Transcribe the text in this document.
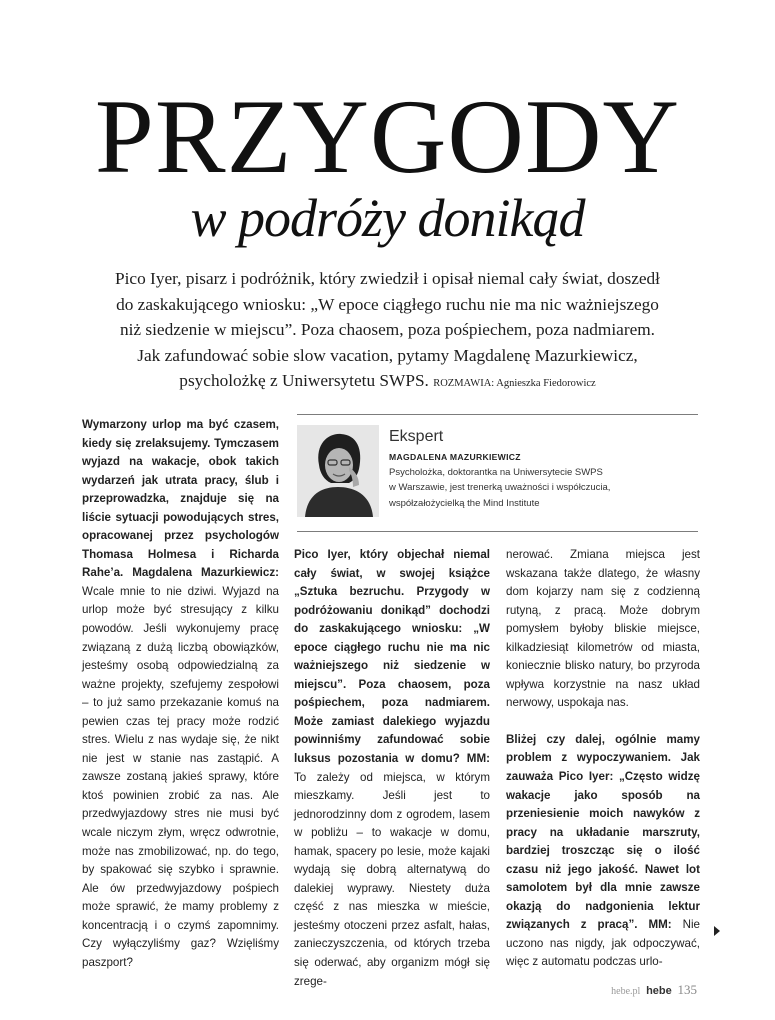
PRZYGODY
w podróży donikąd
Pico Iyer, pisarz i podróżnik, który zwiedził i opisał niemal cały świat, doszedł
do zaskakującego wniosku: „W epoce ciągłego ruchu nie ma nic ważniejszego
niż siedzenie w miejscu”. Poza chaosem, poza pośpiechem, poza nadmiarem.
Jak zafundować sobie slow vacation, pytamy Magdalenę Mazurkiewicz,
psycholożkę z Uniwersytetu SWPS. ROZMAWIA: Agnieszka Fiedorowicz
Ekspert
MAGDALENA MAZURKIEWICZ
Psycholożka, doktorantka na Uniwersytecie SWPS
w Warszawie, jest trenerką uważności i współczucia,
współzałożycielką the Mind Institute

Wymarzony urlop ma być czasem, kiedy się zrelaksujemy. Tymczasem wyjazd na wakacje, obok takich wydarzeń jak utrata pracy, ślub i przeprowadzka, znajduje się na liście sytuacji powodujących stres, opracowanej przez psychologów Thomasa Holmesa i Richarda Rahe’a. Magdalena Mazurkiewicz: Wcale mnie to nie dziwi. Wyjazd na urlop może być stresujący z kilku powodów. Jeśli wykonujemy pracę związaną z dużą liczbą obowiązków, jesteśmy osobą odpowiedzialną za ważne projekty, szefujemy zespołowi – to już samo przekazanie komuś na pewien czas tej pracy może rodzić stres. Wielu z nas wydaje się, że nikt nie jest w stanie nas zastąpić. A zawsze zostaną jakieś sprawy, które ktoś powinien zrobić za nas. Ale przedwyjazdowy stres nie musi być wcale niczym złym, wręcz odwrotnie, może nas zmobilizować, np. do tego, by spakować się szybko i sprawnie. Ale ów przedwyjazdowy pośpiech może sprawić, że mamy problemy z koncentracją i o czymś zapomnimy. Czy wyłączyliśmy gaz? Wzięliśmy paszport?

Pico Iyer, który objechał niemal cały świat, w swojej książce „Sztuka bezruchu. Przygody w podróżowaniu donikąd” dochodzi do zaskakującego wniosku: „W epoce ciągłego ruchu nie ma nic ważniejszego niż siedzenie w miejscu”. Poza chaosem, poza pośpiechem, poza nadmiarem. Może zamiast dalekiego wyjazdu powinniśmy zafundować sobie luksus pozostania w domu? MM: To zależy od miejsca, w którym mieszkamy. Jeśli jest to jednorodzinny dom z ogrodem, lasem w pobliżu – to wakacje w domu, hamak, spacery po lesie, może kajaki wydają się dobrą alternatywą do dalekiej wyprawy. Niestety duża część z nas mieszka w mieście, jesteśmy otoczeni przez asfalt, hałas, zanieczyszczenia, od których trzeba się oderwać, aby organizm mógł się zrege-

nerować. Zmiana miejsca jest wskazana także dlatego, że własny dom kojarzy nam się z codzienną rutyną, z pracą. Może dobrym pomysłem byłoby bliskie miejsce, kilkadziesiąt kilometrów od miasta, koniecznie blisko natury, bo przyroda wpływa korzystnie na nasz układ nerwowy, uspokaja nas.

Bliżej czy dalej, ogólnie mamy problem z wypoczywaniem. Jak zauważa Pico Iyer: „Często widzę wakacje jako sposób na przeniesienie moich nawyków z pracy na układanie marszruty, bardziej troszcząc się o ilość czasu niż jego jakość. Nawet lot samolotem był dla mnie zawsze okazją do nadgonienia lektur związanych z pracą”. MM: Nie uczono nas nigdy, jak odpoczywać, więc z automatu podczas urlo-

hebe.pl hebe 135
